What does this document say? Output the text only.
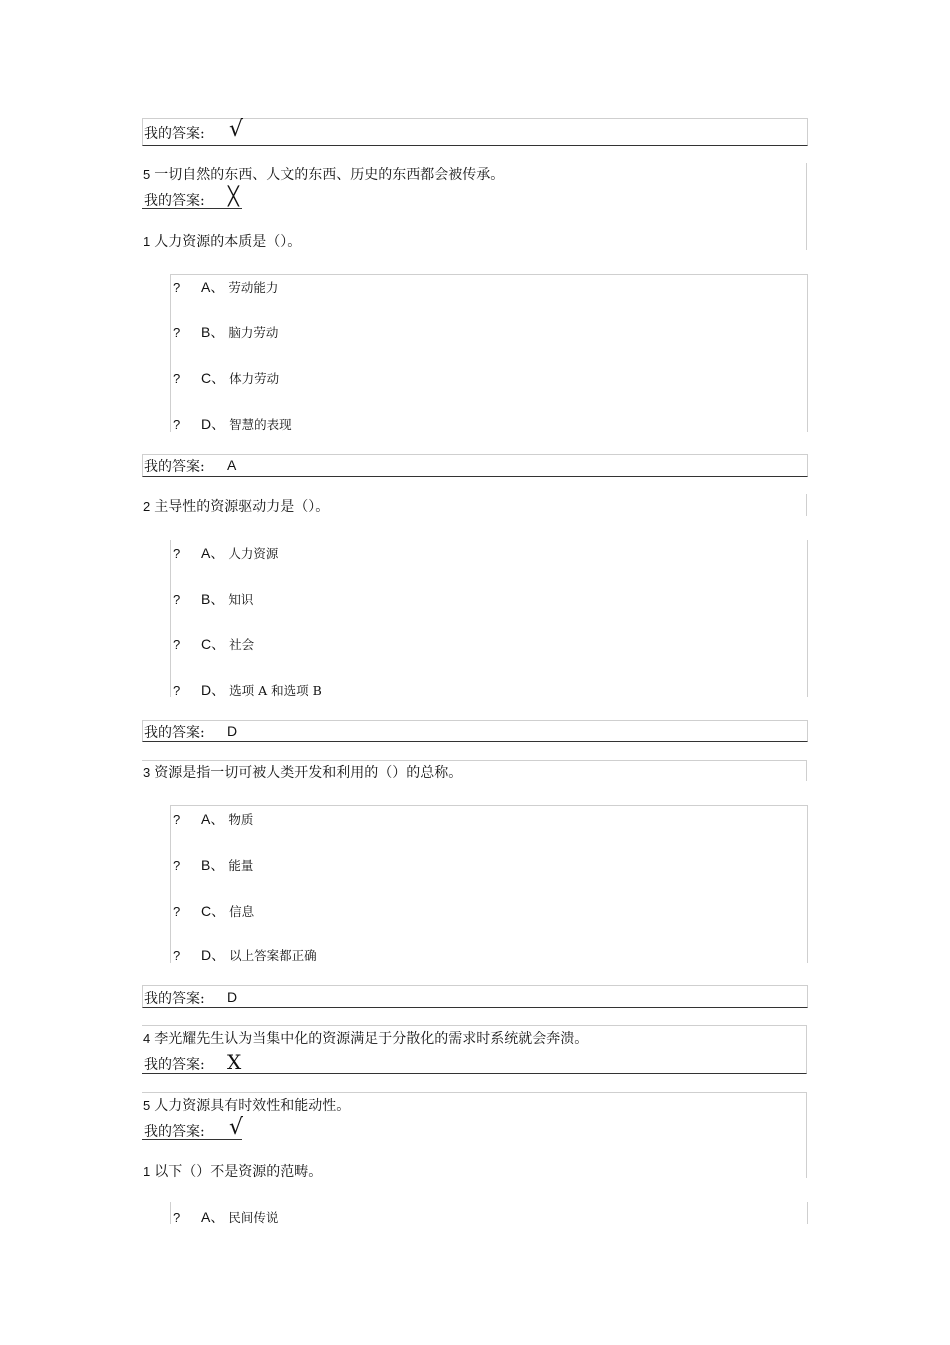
我的答案: √
5 一切自然的东西、人文的东西、历史的东西都会被传承。
我的答案: ╳
1 人力资源的本质是（）。
? A、 劳动能力
? B、 脑力劳动
? C、 体力劳动
? D、 智慧的表现
我的答案: A
2 主导性的资源驱动力是（）。
? A、 人力资源
? B、 知识
? C、 社会
? D、 选项 A 和选项 B
我的答案: D
3 资源是指一切可被人类开发和利用的（）的总称。
? A、 物质
? B、 能量
? C、 信息
? D、 以上答案都正确
我的答案: D
4 李光耀先生认为当集中化的资源满足于分散化的需求时系统就会奔溃。
我的答案: X
5 人力资源具有时效性和能动性。
我的答案: √
1 以下（）不是资源的范畴。
? A、 民间传说
